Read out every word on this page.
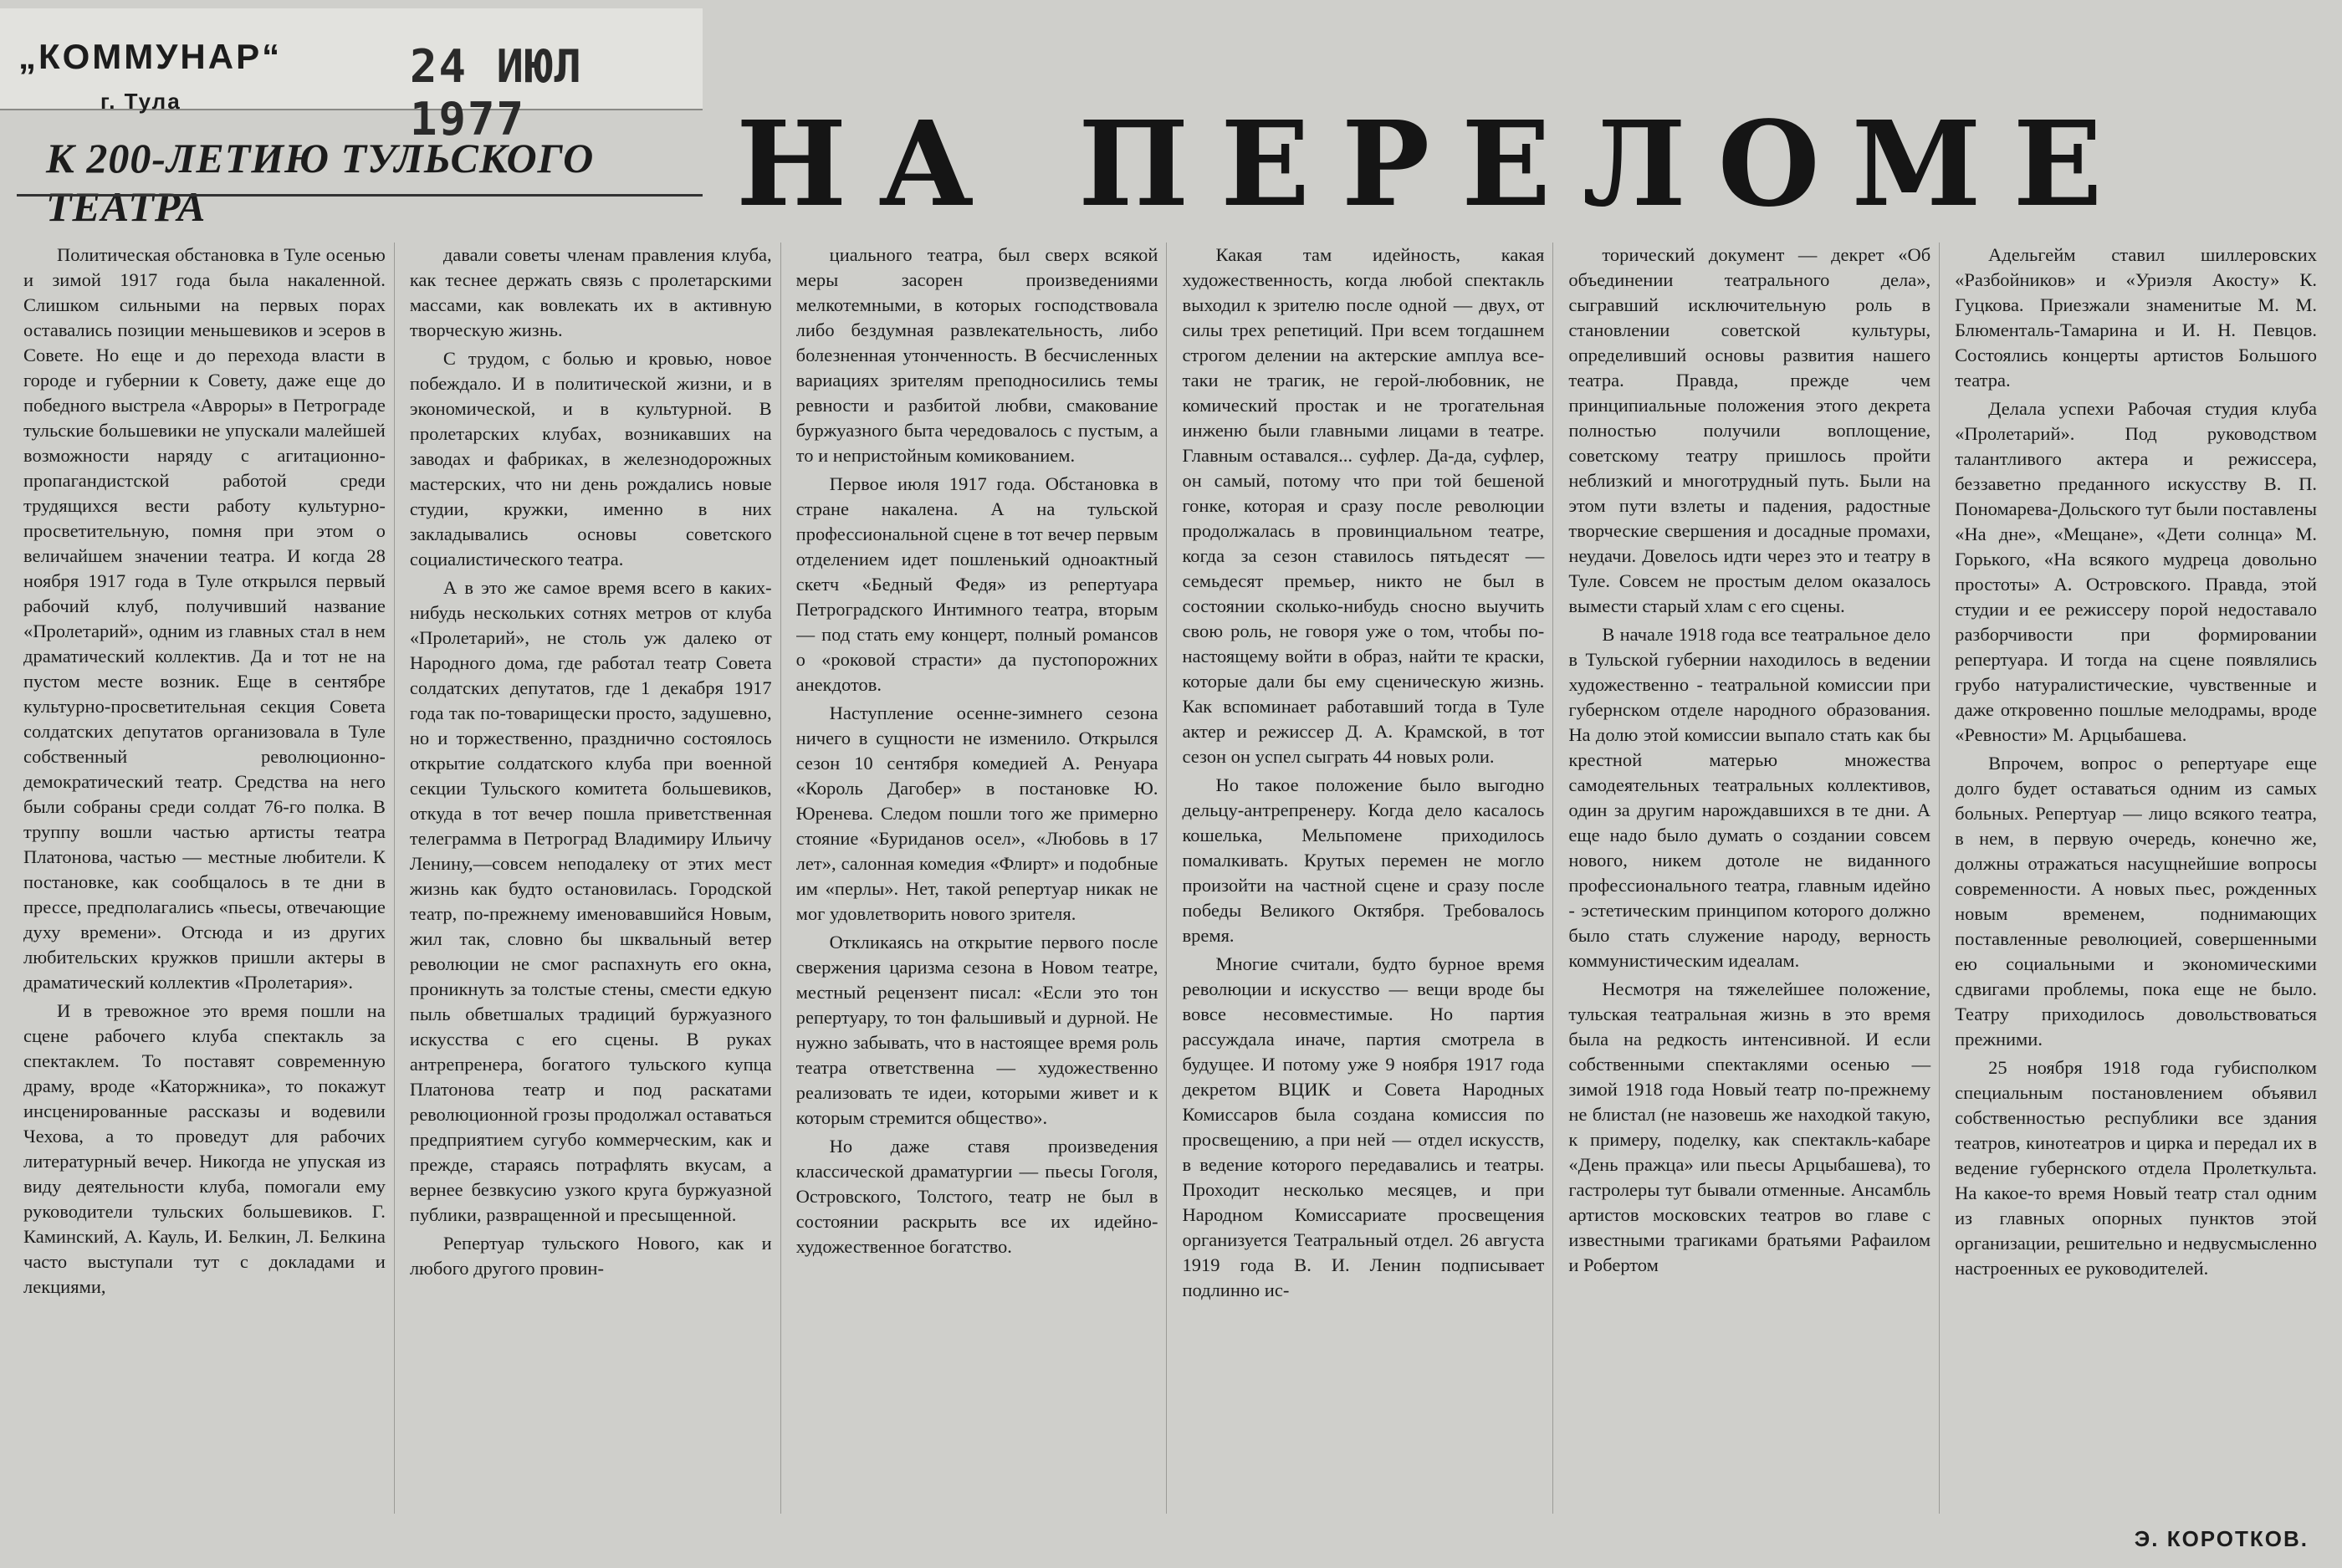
„КОММУНАР“
г. Тула
24 ИЮЛ 1977
К 200-ЛЕТИЮ ТУЛЬСКОГО ТЕАТРА	НА ПЕРЕЛОМЕ

Политическая обстановка в Туле осенью и зимой 1917 года была накаленной. Слишком сильными на первых порах оставались позиции меньшевиков и эсеров в Совете. Но еще и до перехода власти в городе и губернии к Совету, даже еще до победного выстрела «Авроры» в Петрограде тульские большевики не упускали малейшей возможности наряду с агитационно-пропагандистской работой среди трудящихся вести работу культурно-просветительную, помня при этом о величайшем значении театра. И когда 28 ноября 1917 года в Туле открылся первый рабочий клуб, получивший название «Пролетарий», одним из главных стал в нем драматический коллектив. Да и тот не на пустом месте возник. Еще в сентябре культурно-просветительная секция Совета солдатских депутатов организовала в Туле собственный революционно-демократический театр. Средства на него были собраны среди солдат 76-го полка. В труппу вошли частью артисты театра Платонова, частью — местные любители. К постановке, как сообщалось в те дни в прессе, предполагались «пьесы, отвечающие духу времени». Отсюда и из других любительских кружков пришли актеры в драматический коллектив «Пролетария».

И в тревожное это время пошли на сцене рабочего клуба спектакль за спектаклем. То поставят современную драму, вроде «Каторжника», то покажут инсценированные рассказы и водевили Чехова, а то проведут для рабочих литературный вечер. Никогда не упуская из виду деятельности клуба, помогали ему руководители тульских большевиков. Г. Каминский, А. Кауль, И. Белкин, Л. Белкина часто выступали тут с докладами и лекциями,

давали советы членам правления клуба, как теснее держать связь с пролетарскими массами, как вовлекать их в активную творческую жизнь.

С трудом, с болью и кровью, новое побеждало. И в политической жизни, и в экономической, и в культурной. В пролетарских клубах, возникавших на заводах и фабриках, в железнодорожных мастерских, что ни день рождались новые студии, кружки, именно в них закладывались основы советского социалистического театра.

А в это же самое время всего в каких-нибудь нескольких сотнях метров от клуба «Пролетарий», не столь уж далеко от Народного дома, где работал театр Совета солдатских депутатов, где 1 декабря 1917 года так по-товарищески просто, задушевно, но и торжественно, празднично состоялось открытие солдатского клуба при военной секции Тульского комитета большевиков, откуда в тот вечер пошла приветственная телеграмма в Петроград Владимиру Ильичу Ленину,—совсем неподалеку от этих мест жизнь как будто остановилась. Городской театр, по-прежнему именовавшийся Новым, жил так, словно бы шквальный ветер революции не смог распахнуть его окна, проникнуть за толстые стены, смести едкую пыль обветшалых традиций буржуазного искусства с его сцены. В руках антрепренера, богатого тульского купца Платонова театр и под раскатами революционной грозы продолжал оставаться предприятием сугубо коммерческим, как и прежде, стараясь потрафлять вкусам, а вернее безвкусию узкого круга буржуазной публики, развращенной и пресыщенной.

Репертуар тульского Нового, как и любого другого провин-

циального театра, был сверх всякой меры засорен произведениями мелкотемными, в которых господствовала либо бездумная развлекательность, либо болезненная утонченность. В бесчисленных вариациях зрителям преподносились темы ревности и разбитой любви, смакование буржуазного быта чередовалось с пустым, а то и непристойным комикованием.

Первое июля 1917 года. Обстановка в стране накалена. А на тульской профессиональной сцене в тот вечер первым отделением идет пошленький одноактный скетч «Бедный Федя» из репертуара Петроградского Интимного театра, вторым — под стать ему концерт, полный романсов о «роковой страсти» да пустопорожних анекдотов.

Наступление осенне-зимнего сезона ничего в сущности не изменило. Открылся сезон 10 сентября комедией А. Ренуара «Король Дагобер» в постановке Ю. Юренева. Следом пошли того же примерно стояние «Буриданов осел», «Любовь в 17 лет», салонная комедия «Флирт» и подобные им «перлы». Нет, такой репертуар никак не мог удовлетворить нового зрителя.

Откликаясь на открытие первого после свержения царизма сезона в Новом театре, местный рецензент писал: «Если это тон репертуару, то тон фальшивый и дурной. Не нужно забывать, что в настоящее время роль театра ответственна — художественно реализовать те идеи, которыми живет и к которым стремится общество».

Но даже ставя произведения классической драматургии — пьесы Гоголя, Островского, Толстого, театр не был в состоянии раскрыть все их идейно-художественное богатство.

Какая там идейность, какая художественность, когда любой спектакль выходил к зрителю после одной — двух, от силы трех репетиций. При всем тогдашнем строгом делении на актерские амплуа все-таки не трагик, не герой-любовник, не комический простак и не трогательная инженю были главными лицами в театре. Главным оставался... суфлер. Да-да, суфлер, он самый, потому что при той бешеной гонке, которая и сразу после революции продолжалась в провинциальном театре, когда за сезон ставилось пятьдесят — семьдесят премьер, никто не был в состоянии сколько-нибудь сносно выучить свою роль, не говоря уже о том, чтобы по-настоящему войти в образ, найти те краски, которые дали бы ему сценическую жизнь. Как вспоминает работавший тогда в Туле актер и режиссер Д. А. Крамской, в тот сезон он успел сыграть 44 новых роли.

Но такое положение было выгодно дельцу-антрепренеру. Когда дело касалось кошелька, Мельпомене приходилось помалкивать. Крутых перемен не могло произойти на частной сцене и сразу после победы Великого Октября. Требовалось время.

Многие считали, будто бурное время революции и искусство — вещи вроде бы вовсе несовместимые. Но партия рассуждала иначе, партия смотрела в будущее. И потому уже 9 ноября 1917 года декретом ВЦИК и Совета Народных Комиссаров была создана комиссия по просвещению, а при ней — отдел искусств, в ведение которого передавались и театры. Проходит несколько месяцев, и при Народном Комиссариате просвещения организуется Театральный отдел. 26 августа 1919 года В. И. Ленин подписывает подлинно ис-

торический документ — декрет «Об объединении театрального дела», сыгравший исключительную роль в становлении советской культуры, определивший основы развития нашего театра. Правда, прежде чем принципиальные положения этого декрета полностью получили воплощение, советскому театру пришлось пройти неблизкий и многотрудный путь. Были на этом пути взлеты и падения, радостные творческие свершения и досадные промахи, неудачи. Довелось идти через это и театру в Туле. Совсем не простым делом оказалось вымести старый хлам с его сцены.

В начале 1918 года все театральное дело в Тульской губернии находилось в ведении художественно - театральной комиссии при губернском отделе народного образования. На долю этой комиссии выпало стать как бы крестной матерью множества самодеятельных театральных коллективов, один за другим нарождавшихся в те дни. А еще надо было думать о создании совсем нового, никем дотоле не виданного профессионального театра, главным идейно - эстетическим принципом которого должно было стать служение народу, верность коммунистическим идеалам.

Несмотря на тяжелейшее положение, тульская театральная жизнь в это время была на редкость интенсивной. И если собственными спектаклями осенью — зимой 1918 года Новый театр по-прежнему не блистал (не назовешь же находкой такую, к примеру, поделку, как спектакль-кабаре «День пражца» или пьесы Арцыбашева), то гастролеры тут бывали отменные. Ансамбль артистов московских театров во главе с известными трагиками братьями Рафаилом и Робертом

Адельгейм ставил шиллеровских «Разбойников» и «Уриэля Акосту» К. Гуцкова. Приезжали знаменитые М. М. Блюменталь-Тамарина и И. Н. Певцов. Состоялись концерты артистов Большого театра.

Делала успехи Рабочая студия клуба «Пролетарий». Под руководством талантливого актера и режиссера, беззаветно преданного искусству В. П. Пономарева-Дольского тут были поставлены «На дне», «Мещане», «Дети солнца» М. Горького, «На всякого мудреца довольно простоты» А. Островского. Правда, этой студии и ее режиссеру порой недоставало разборчивости при формировании репертуара. И тогда на сцене появлялись грубо натуралистические, чувственные и даже откровенно пошлые мелодрамы, вроде «Ревности» М. Арцыбашева.

Впрочем, вопрос о репертуаре еще долго будет оставаться одним из самых больных. Репертуар — лицо всякого театра, в нем, в первую очередь, конечно же, должны отражаться насущнейшие вопросы современности. А новых пьес, рожденных новым временем, поднимающих поставленные революцией, совершенными ею социальными и экономическими сдвигами проблемы, пока еще не было. Театру приходилось довольствоваться прежними.

25 ноября 1918 года губисполком специальным постановлением объявил собственностью республики все здания театров, кинотеатров и цирка и передал их в ведение губернского отдела Пролеткульта. На какое-то время Новый театр стал одним из главных опорных пунктов этой организации, решительно и недвусмысленно настроенных ее руководителей.

Э. КОРОТКОВ.
